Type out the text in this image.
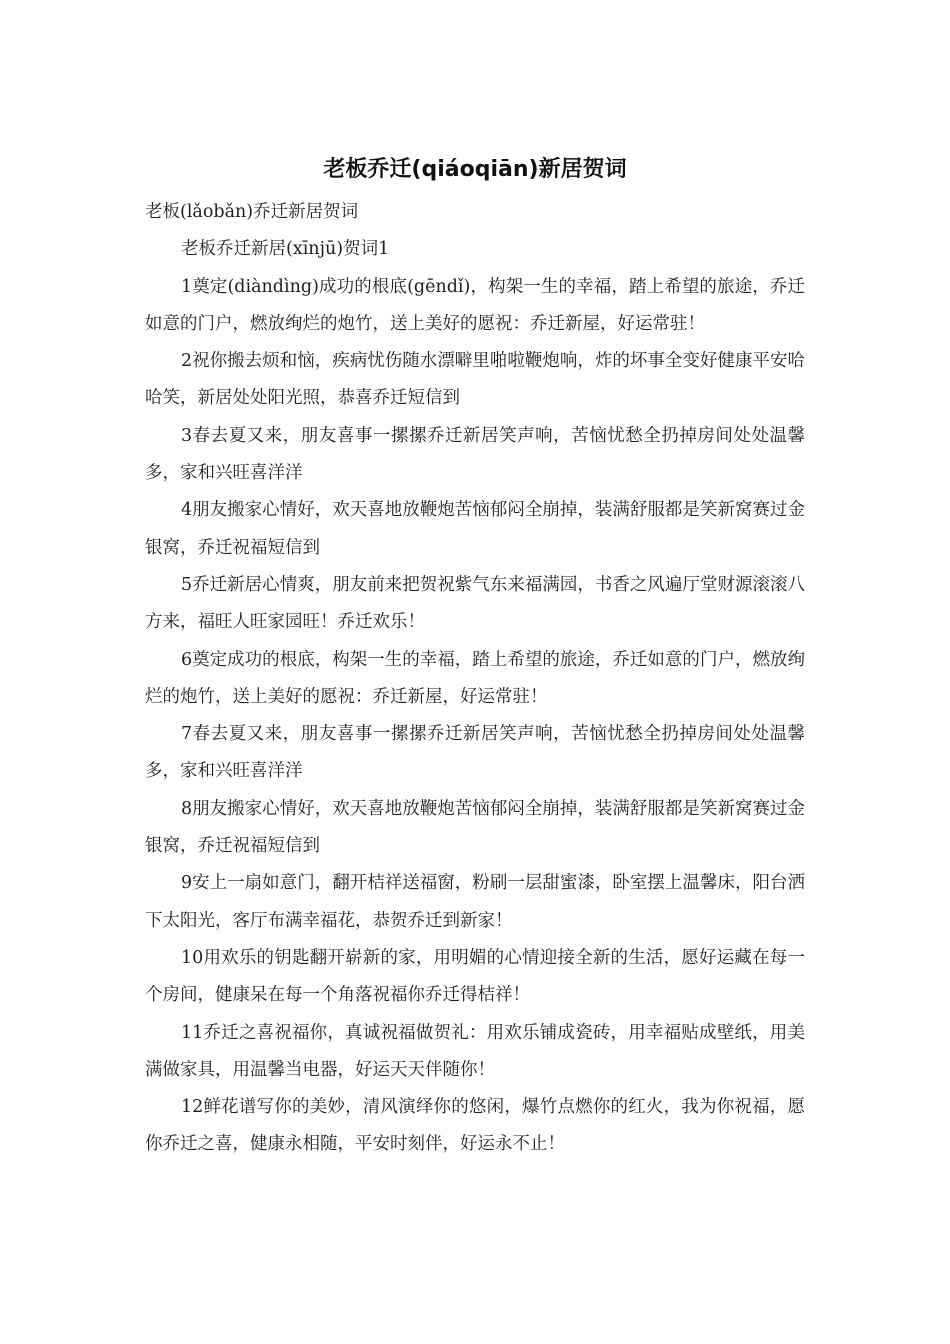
老板乔迁(qiáoqiān)新居贺词

老板(lǎobǎn)乔迁新居贺词

老板乔迁新居(xīnjū)贺词1

1奠定(diàndìng)成功的根底(gēndǐ)，构架一生的幸福，踏上希望的旅途，乔迁如意的门户，燃放绚烂的炮竹，送上美好的愿祝：乔迁新屋，好运常驻！

2祝你搬去烦和恼，疾病忧伤随水漂噼里啪啦鞭炮响，炸的坏事全变好健康平安哈哈笑，新居处处阳光照，恭喜乔迁短信到

3春去夏又来，朋友喜事一摞摞乔迁新居笑声响，苦恼忧愁全扔掉房间处处温馨多，家和兴旺喜洋洋

4朋友搬家心情好，欢天喜地放鞭炮苦恼郁闷全崩掉，装满舒服都是笑新窝赛过金银窝，乔迁祝福短信到

5乔迁新居心情爽，朋友前来把贺祝紫气东来福满园，书香之风遍厅堂财源滚滚八方来，福旺人旺家园旺！乔迁欢乐！

6奠定成功的根底，构架一生的幸福，踏上希望的旅途，乔迁如意的门户，燃放绚烂的炮竹，送上美好的愿祝：乔迁新屋，好运常驻！

7春去夏又来，朋友喜事一摞摞乔迁新居笑声响，苦恼忧愁全扔掉房间处处温馨多，家和兴旺喜洋洋

8朋友搬家心情好，欢天喜地放鞭炮苦恼郁闷全崩掉，装满舒服都是笑新窝赛过金银窝，乔迁祝福短信到

9安上一扇如意门，翻开桔祥送福窗，粉刷一层甜蜜漆，卧室摆上温馨床，阳台洒下太阳光，客厅布满幸福花，恭贺乔迁到新家！

10用欢乐的钥匙翻开崭新的家，用明媚的心情迎接全新的生活，愿好运藏在每一个房间，健康呆在每一个角落祝福你乔迁得桔祥！

11乔迁之喜祝福你，真诚祝福做贺礼：用欢乐铺成瓷砖，用幸福贴成壁纸，用美满做家具，用温馨当电器，好运天天伴随你！

12鲜花谱写你的美妙，清风演绎你的悠闲，爆竹点燃你的红火，我为你祝福，愿你乔迁之喜，健康永相随，平安时刻伴，好运永不止！
